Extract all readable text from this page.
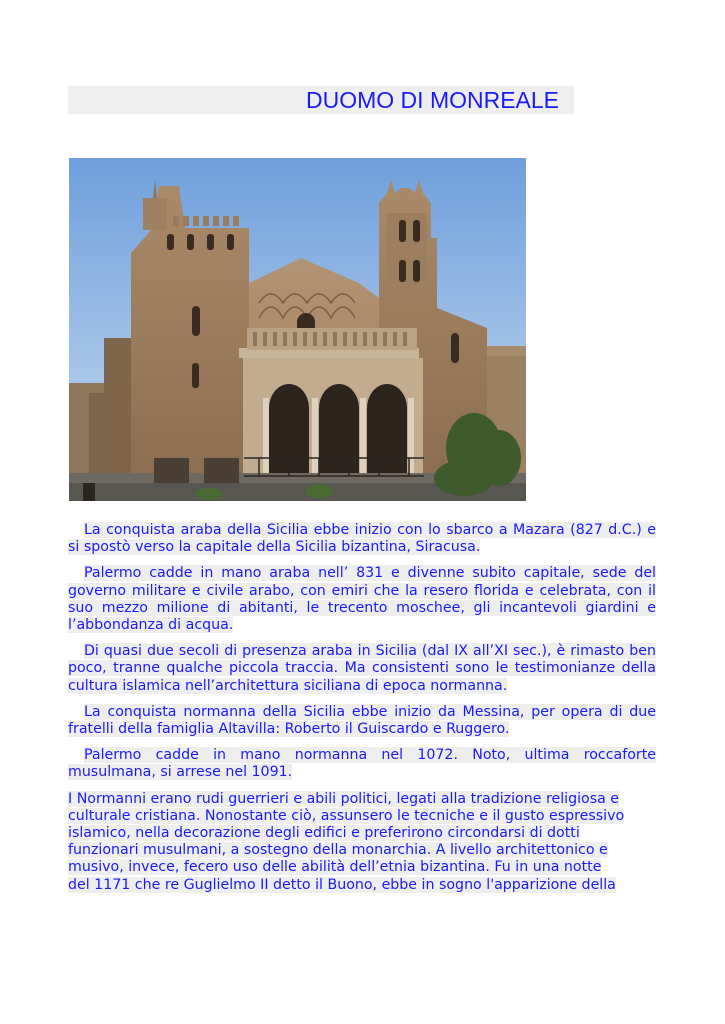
DUOMO DI MONREALE

La conquista araba della Sicilia ebbe inizio con lo sbarco a Mazara (827 d.C.) e si spostò verso la capitale della Sicilia bizantina, Siracusa.

Palermo cadde in mano araba nell’ 831 e divenne subito capitale, sede del governo militare e civile arabo, con emiri che la resero florida e celebrata, con il suo mezzo milione di abitanti, le trecento moschee, gli incantevoli giardini e l’abbondanza di acqua.

Di quasi due secoli di presenza araba in Sicilia (dal IX all’XI sec.), è rimasto ben poco, tranne qualche piccola traccia. Ma consistenti sono le testimonianze della cultura islamica nell’architettura siciliana di epoca normanna.

La conquista normanna della Sicilia ebbe inizio da Messina, per opera di due fratelli della famiglia Altavilla: Roberto il Guiscardo e Ruggero.

Palermo cadde in mano normanna nel 1072. Noto, ultima roccaforte musulmana, si arrese nel 1091.

I Normanni erano rudi guerrieri e abili politici, legati alla tradizione religiosa e
culturale cristiana. Nonostante ciò, assunsero le tecniche e il gusto espressivo
islamico, nella decorazione degli edifici e preferirono circondarsi di dotti
funzionari musulmani, a sostegno della monarchia. A livello architettonico e
musivo, invece, fecero uso delle abilità dell’etnia bizantina. Fu in una notte
del 1171 che re Guglielmo II detto il Buono, ebbe in sogno l'apparizione della
